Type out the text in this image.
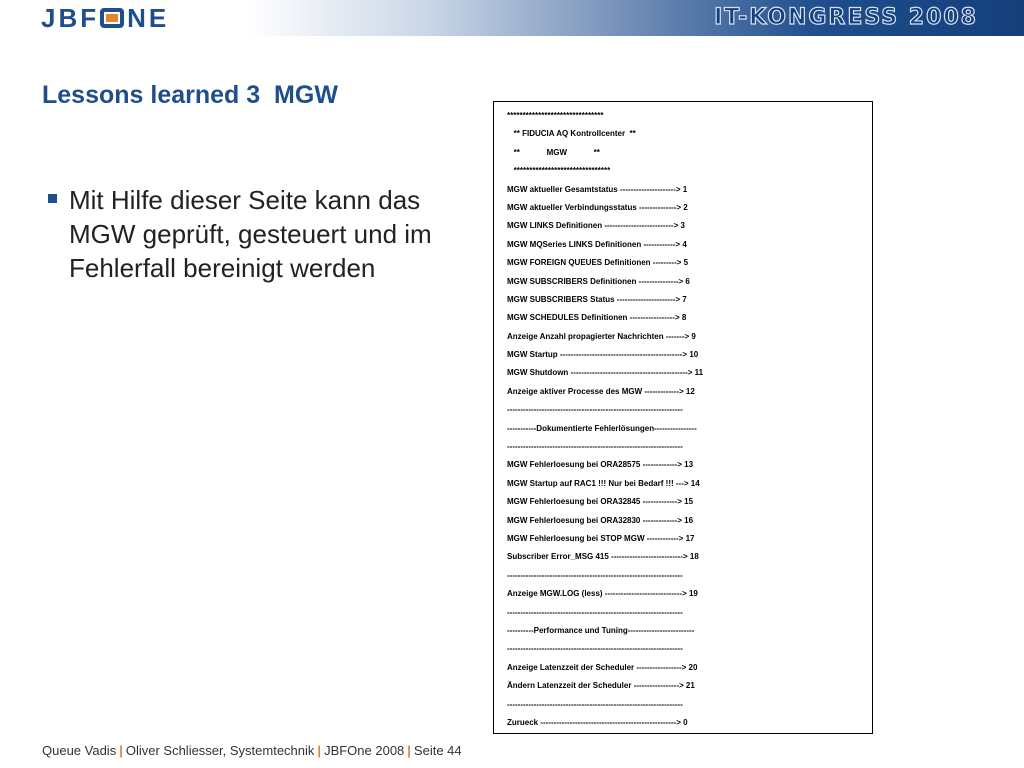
JBF NE	IT-KONGRESS 2008
Lessons learned 3  MGW
Mit Hilfe dieser Seite kann das MGW geprüft, gesteuert und im Fehlerfall bereinigt werden
*******************************
** FIDUCIA AQ Kontrollcenter  **
**            MGW            **
*******************************
MGW aktueller Gesamtstatus ---------------------> 1
MGW aktueller Verbindungsstatus --------------> 2
MGW LINKS Definitionen --------------------------> 3
MGW MQSeries LINKS Definitionen ------------> 4
MGW FOREIGN QUEUES Definitionen ---------> 5
MGW SUBSCRIBERS Definitionen ---------------> 6
MGW SUBSCRIBERS Status ----------------------> 7
MGW SCHEDULES Definitionen -----------------> 8
Anzeige Anzahl propagierter Nachrichten -------> 9
MGW Startup ----------------------------------------------> 10
MGW Shutdown --------------------------------------------> 11
Anzeige aktiver Processe des MGW -------------> 12
------------------------------------------------------------------
-----------Dokumentierte Fehlerlösungen----------------
------------------------------------------------------------------
MGW Fehlerloesung bei ORA28575 -------------> 13
MGW Startup auf RAC1 !!! Nur bei Bedarf !!! ---> 14
MGW Fehlerloesung bei ORA32845 -------------> 15
MGW Fehlerloesung bei ORA32830 -------------> 16
MGW Fehlerloesung bei STOP MGW ------------> 17
Subscriber Error_MSG 415 ---------------------------> 18
------------------------------------------------------------------
Anzeige MGW.LOG (less) -----------------------------> 19
------------------------------------------------------------------
----------Performance und Tuning-------------------------
------------------------------------------------------------------
Anzeige Latenzzeit der Scheduler -----------------> 20
Ändern Latenzzeit der Scheduler -----------------> 21
------------------------------------------------------------------
Zurueck ---------------------------------------------------> 0
Queue Vadis | Oliver Schliesser, Systemtechnik | JBFOne 2008 | Seite 44
